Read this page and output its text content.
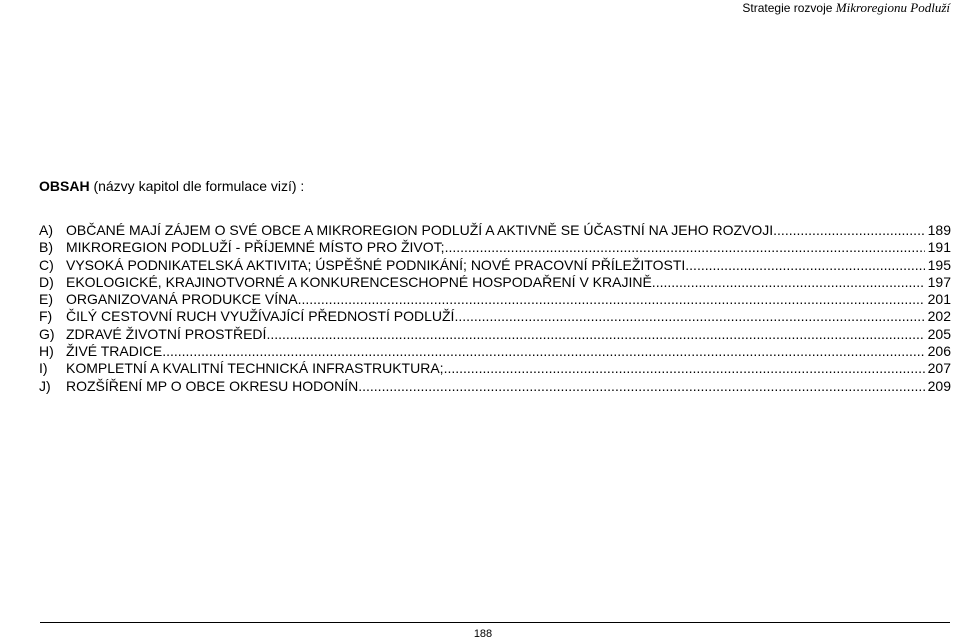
Strategie rozvoje Mikroregionu Podluží
OBSAH (názvy kapitol dle formulace vizí) :
A) OBČANÉ MAJÍ ZÁJEM O SVÉ OBCE A MIKROREGION PODLUŽÍ A AKTIVNĚ SE ÚČASTNÍ NA JEHO ROZVOJI. .....	189
B) MIKROREGION PODLUŽÍ - PŘÍJEMNÉ MÍSTO PRO ŽIVOT; .....	191
C) VYSOKÁ PODNIKATELSKÁ AKTIVITA; ÚSPĚŠNÉ PODNIKÁNÍ; NOVÉ PRACOVNÍ PŘÍLEŽITOSTI. .....	195
D) EKOLOGICKÉ, KRAJINOTVORNÉ A KONKURENCESCHOPNÉ HOSPODAŘENÍ V KRAJINĚ. .....	197
E) ORGANIZOVANÁ PRODUKCE VÍNA .....	201
F) ČILÝ CESTOVNÍ RUCH VYUŽÍVAJÍCÍ PŘEDNOSTÍ PODLUŽÍ .....	202
G) ZDRAVÉ ŽIVOTNÍ PROSTŘEDÍ .....	205
H) ŽIVÉ TRADICE .....	206
I)	KOMPLETNÍ A KVALITNÍ TECHNICKÁ INFRASTRUKTURA; .....	207
J)	ROZŠÍŘENÍ MP O OBCE OKRESU HODONÍN .....	209
188
